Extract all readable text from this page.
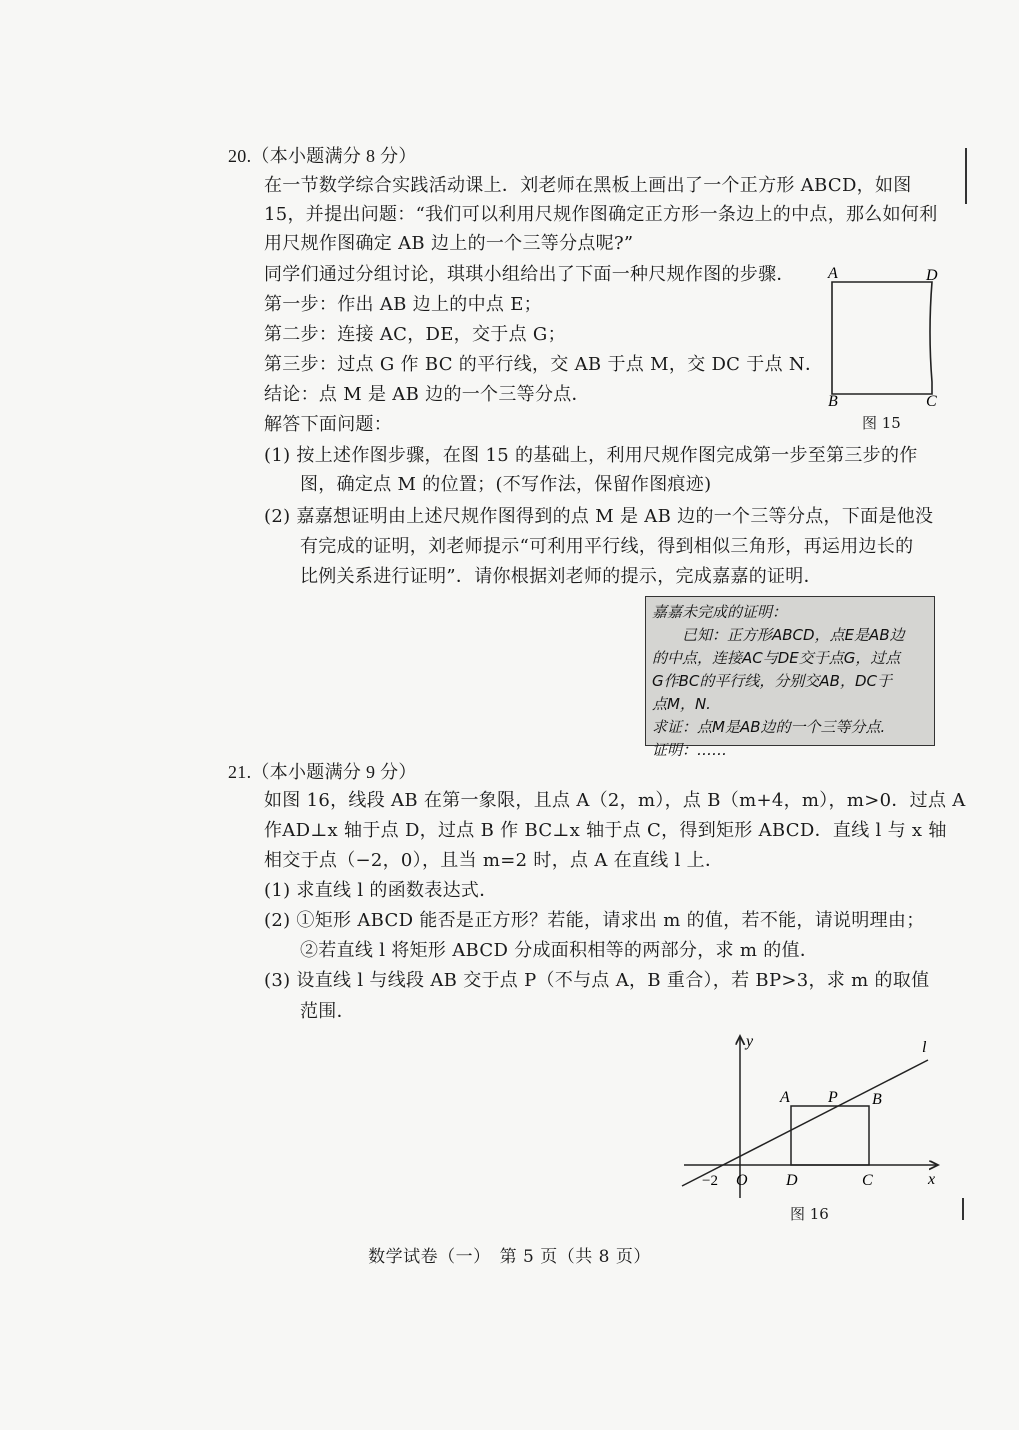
20.（本小题满分 8 分）
在一节数学综合实践活动课上．刘老师在黑板上画出了一个正方形 ABCD，如图
15，并提出问题：“我们可以利用尺规作图确定正方形一条边上的中点，那么如何利
用尺规作图确定 AB 边上的一个三等分点呢?”
同学们通过分组讨论，琪琪小组给出了下面一种尺规作图的步骤．
第一步：作出 AB 边上的中点 E；
第二步：连接 AC，DE，交于点 G；
第三步：过点 G 作 BC 的平行线，交 AB 于点 M，交 DC 于点 N．
结论：点 M 是 AB 边的一个三等分点．
解答下面问题：
(1) 按上述作图步骤，在图 15 的基础上，利用尺规作图完成第一步至第三步的作
图，确定点 M 的位置；(不写作法，保留作图痕迹)
(2) 嘉嘉想证明由上述尺规作图得到的点 M 是 AB 边的一个三等分点，下面是他没
有完成的证明，刘老师提示“可利用平行线，得到相似三角形，再运用边长的
比例关系进行证明”．请你根据刘老师的提示，完成嘉嘉的证明．
A	D
B	C
图 15
嘉嘉未完成的证明：
已知：正方形ABCD，点E是AB边
的中点，连接AC与DE交于点G，过点
G作BC的平行线，分别交AB，DC于
点M，N.
求证：点M是AB边的一个三等分点.
证明：……
21.（本小题满分 9 分）
如图 16，线段 AB 在第一象限，且点 A（2，m），点 B（m+4，m），m>0．过点 A
作AD⊥x 轴于点 D，过点 B 作 BC⊥x 轴于点 C，得到矩形 ABCD．直线 l 与 x 轴
相交于点（−2，0），且当 m=2 时，点 A 在直线 l 上．
(1) 求直线 l 的函数表达式．
(2) ①矩形 ABCD 能否是正方形？若能，请求出 m 的值，若不能，请说明理由；
②若直线 l 将矩形 ABCD 分成面积相等的两部分，求 m 的值．
(3) 设直线 l 与线段 AB 交于点 P（不与点 A，B 重合），若 BP>3，求 m 的取值
范围．
y
x
l
A P B
O D	C
−2
图 16
数学试卷（一）　第 5 页（共 8 页）
